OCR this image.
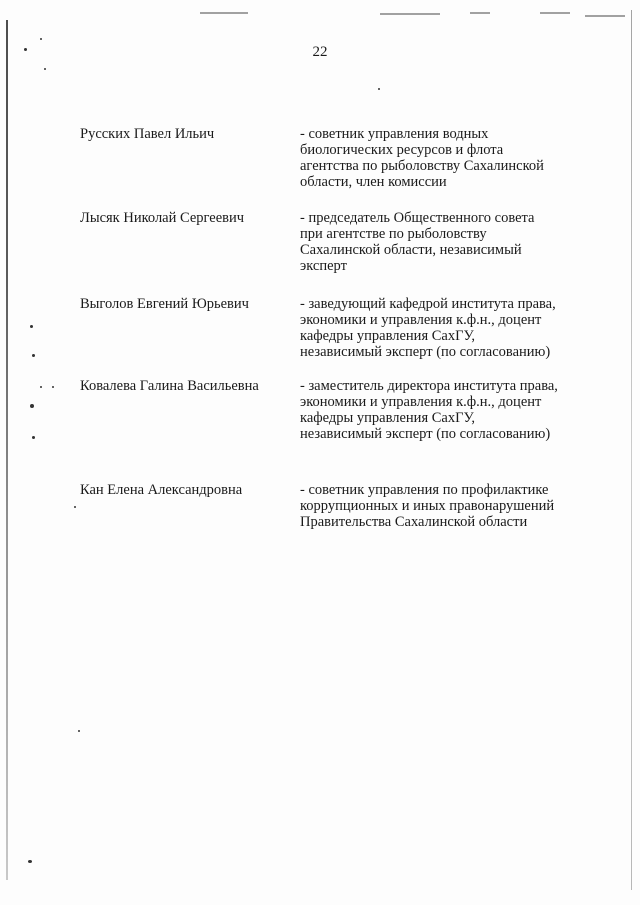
22
Русских Павел Ильич	- советник управления водных
биологических ресурсов и флота
агентства по рыболовству Сахалинской
области, член комиссии
Лысяк Николай Сергеевич	- председатель Общественного совета
при агентстве по рыболовству
Сахалинской области, независимый
эксперт
Выголов Евгений Юрьевич	- заведующий кафедрой института права,
экономики и управления к.ф.н., доцент
кафедры управления СахГУ,
независимый эксперт (по согласованию)
Ковалева Галина Васильевна	- заместитель директора института права,
экономики и управления к.ф.н., доцент
кафедры управления СахГУ,
независимый эксперт (по согласованию)
Кан Елена Александровна	- советник управления по профилактике
коррупционных и иных правонарушений
Правительства Сахалинской области
